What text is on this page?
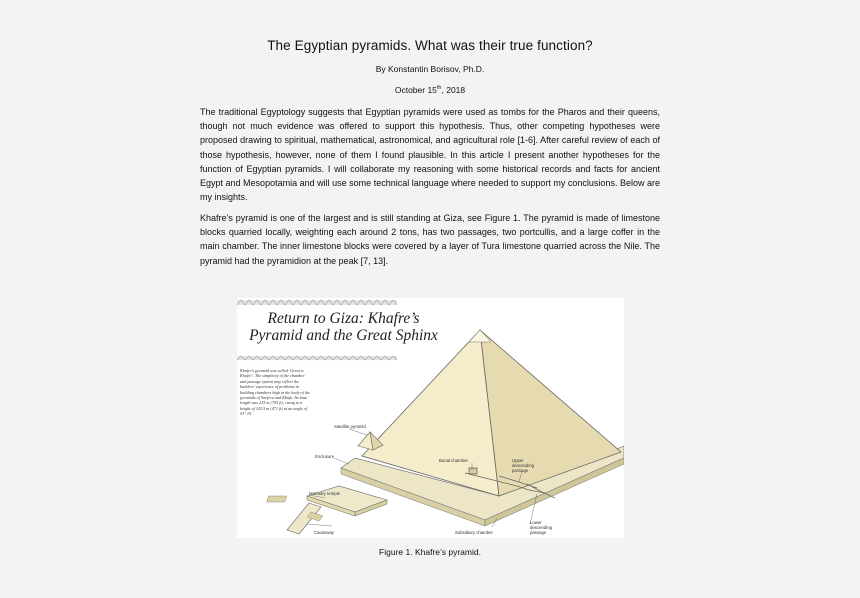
The Egyptian pyramids. What was their true function?
By Konstantin Borisov, Ph.D.
October 15th, 2018
The traditional Egyptology suggests that Egyptian pyramids were used as tombs for the Pharos and their queens, though not much evidence was offered to support this hypothesis. Thus, other competing hypotheses were proposed drawing to spiritual, mathematical, astronomical, and agricultural role [1-6]. After careful review of each of those hypothesis, however, none of them I found plausible. In this article I present another hypotheses for the function of Egyptian pyramids. I will collaborate my reasoning with some historical records and facts for ancient Egypt and Mesopotamia and will use some technical language where needed to support my conclusions. Below are my insights.
Khafre’s pyramid is one of the largest and is still standing at Giza, see Figure 1. The pyramid is made of limestone blocks quarried locally, weighting each around 2 tons, has two passages, two portcullis, and a large coffer in the main chamber. The inner limestone blocks were covered by a layer of Tura limestone quarried across the Nile. The pyramid had the pyramidion at the peak [7, 13].
Return to Giza: Khafre’s
Pyramid and the Great Sphinx
Khafre’s pyramid was called ‘Great is Khafre’. The simplicity of the chamber and passage system may reflect the builders’ experience of problems in building chambers high in the body of the pyramids of Sneferu and Khufu. Its base length was 215 m (705 ft), rising to a height of 143.5 m (471 ft) at an angle of 53° 10’.
Satellite pyramid
Enclosure
Burial chamber	Upper descending passage
Lower descending passage
Mortuary temple
Causeway	Subsidiary chamber
Figure 1. Khafre’s pyramid.
